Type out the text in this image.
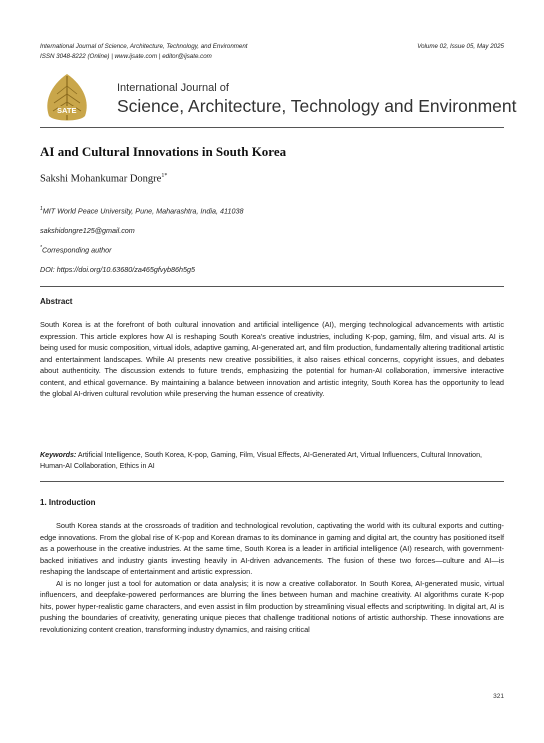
International Journal of Science, Architecture, Technology, and Environment
ISSN 3048-8222 (Online) | www.ijsate.com | editor@ijsate.com
Volume 02, Issue 05, May 2025
SATE
International Journal of
Science, Architecture, Technology and Environment
AI and Cultural Innovations in South Korea
Sakshi Mohankumar Dongre$^{1*}$
$^1$MIT World Peace University, Pune, Maharashtra, India, 411038
sakshidongre125@gmail.com
*Corresponding author
DOI: https://doi.org/10.63680/za465gfvyb86h5g5
Abstract
South Korea is at the forefront of both cultural innovation and artificial intelligence (AI), merging technological advancements with artistic expression. This article explores how AI is reshaping South Korea's creative industries, including K-pop, gaming, film, and visual arts. AI is being used for music composition, virtual idols, adaptive gaming, AI-generated art, and film production, fundamentally altering traditional artistic and entertainment landscapes. While AI presents new creative possibilities, it also raises ethical concerns, copyright issues, and debates about authenticity. The discussion extends to future trends, emphasizing the potential for human-AI collaboration, immersive interactive content, and ethical governance. By maintaining a balance between innovation and artistic integrity, South Korea has the opportunity to lead the global AI-driven cultural revolution while preserving the human essence of creativity.
Keywords: Artificial Intelligence, South Korea, K-pop, Gaming, Film, Visual Effects, AI-Generated Art, Virtual Influencers, Cultural Innovation, Human-AI Collaboration, Ethics in AI
1. Introduction

South Korea stands at the crossroads of tradition and technological revolution, captivating the world with its cultural exports and cutting-edge innovations. From the global rise of K-pop and Korean dramas to its dominance in gaming and digital art, the country has positioned itself as a powerhouse in the creative industries. At the same time, South Korea is a leader in artificial intelligence (AI) research, with government-backed initiatives and industry giants investing heavily in AI-driven advancements. The fusion of these two forces—culture and AI—is reshaping the landscape of entertainment and artistic expression.

AI is no longer just a tool for automation or data analysis; it is now a creative collaborator. In South Korea, AI-generated music, virtual influencers, and deepfake-powered performances are blurring the lines between human and machine creativity. AI algorithms curate K-pop hits, power hyper-realistic game characters, and even assist in film production by streamlining visual effects and scriptwriting. In digital art, AI is pushing the boundaries of creativity, generating unique pieces that challenge traditional notions of artistic authorship. These innovations are revolutionizing content creation, transforming industry dynamics, and raising critical

321
